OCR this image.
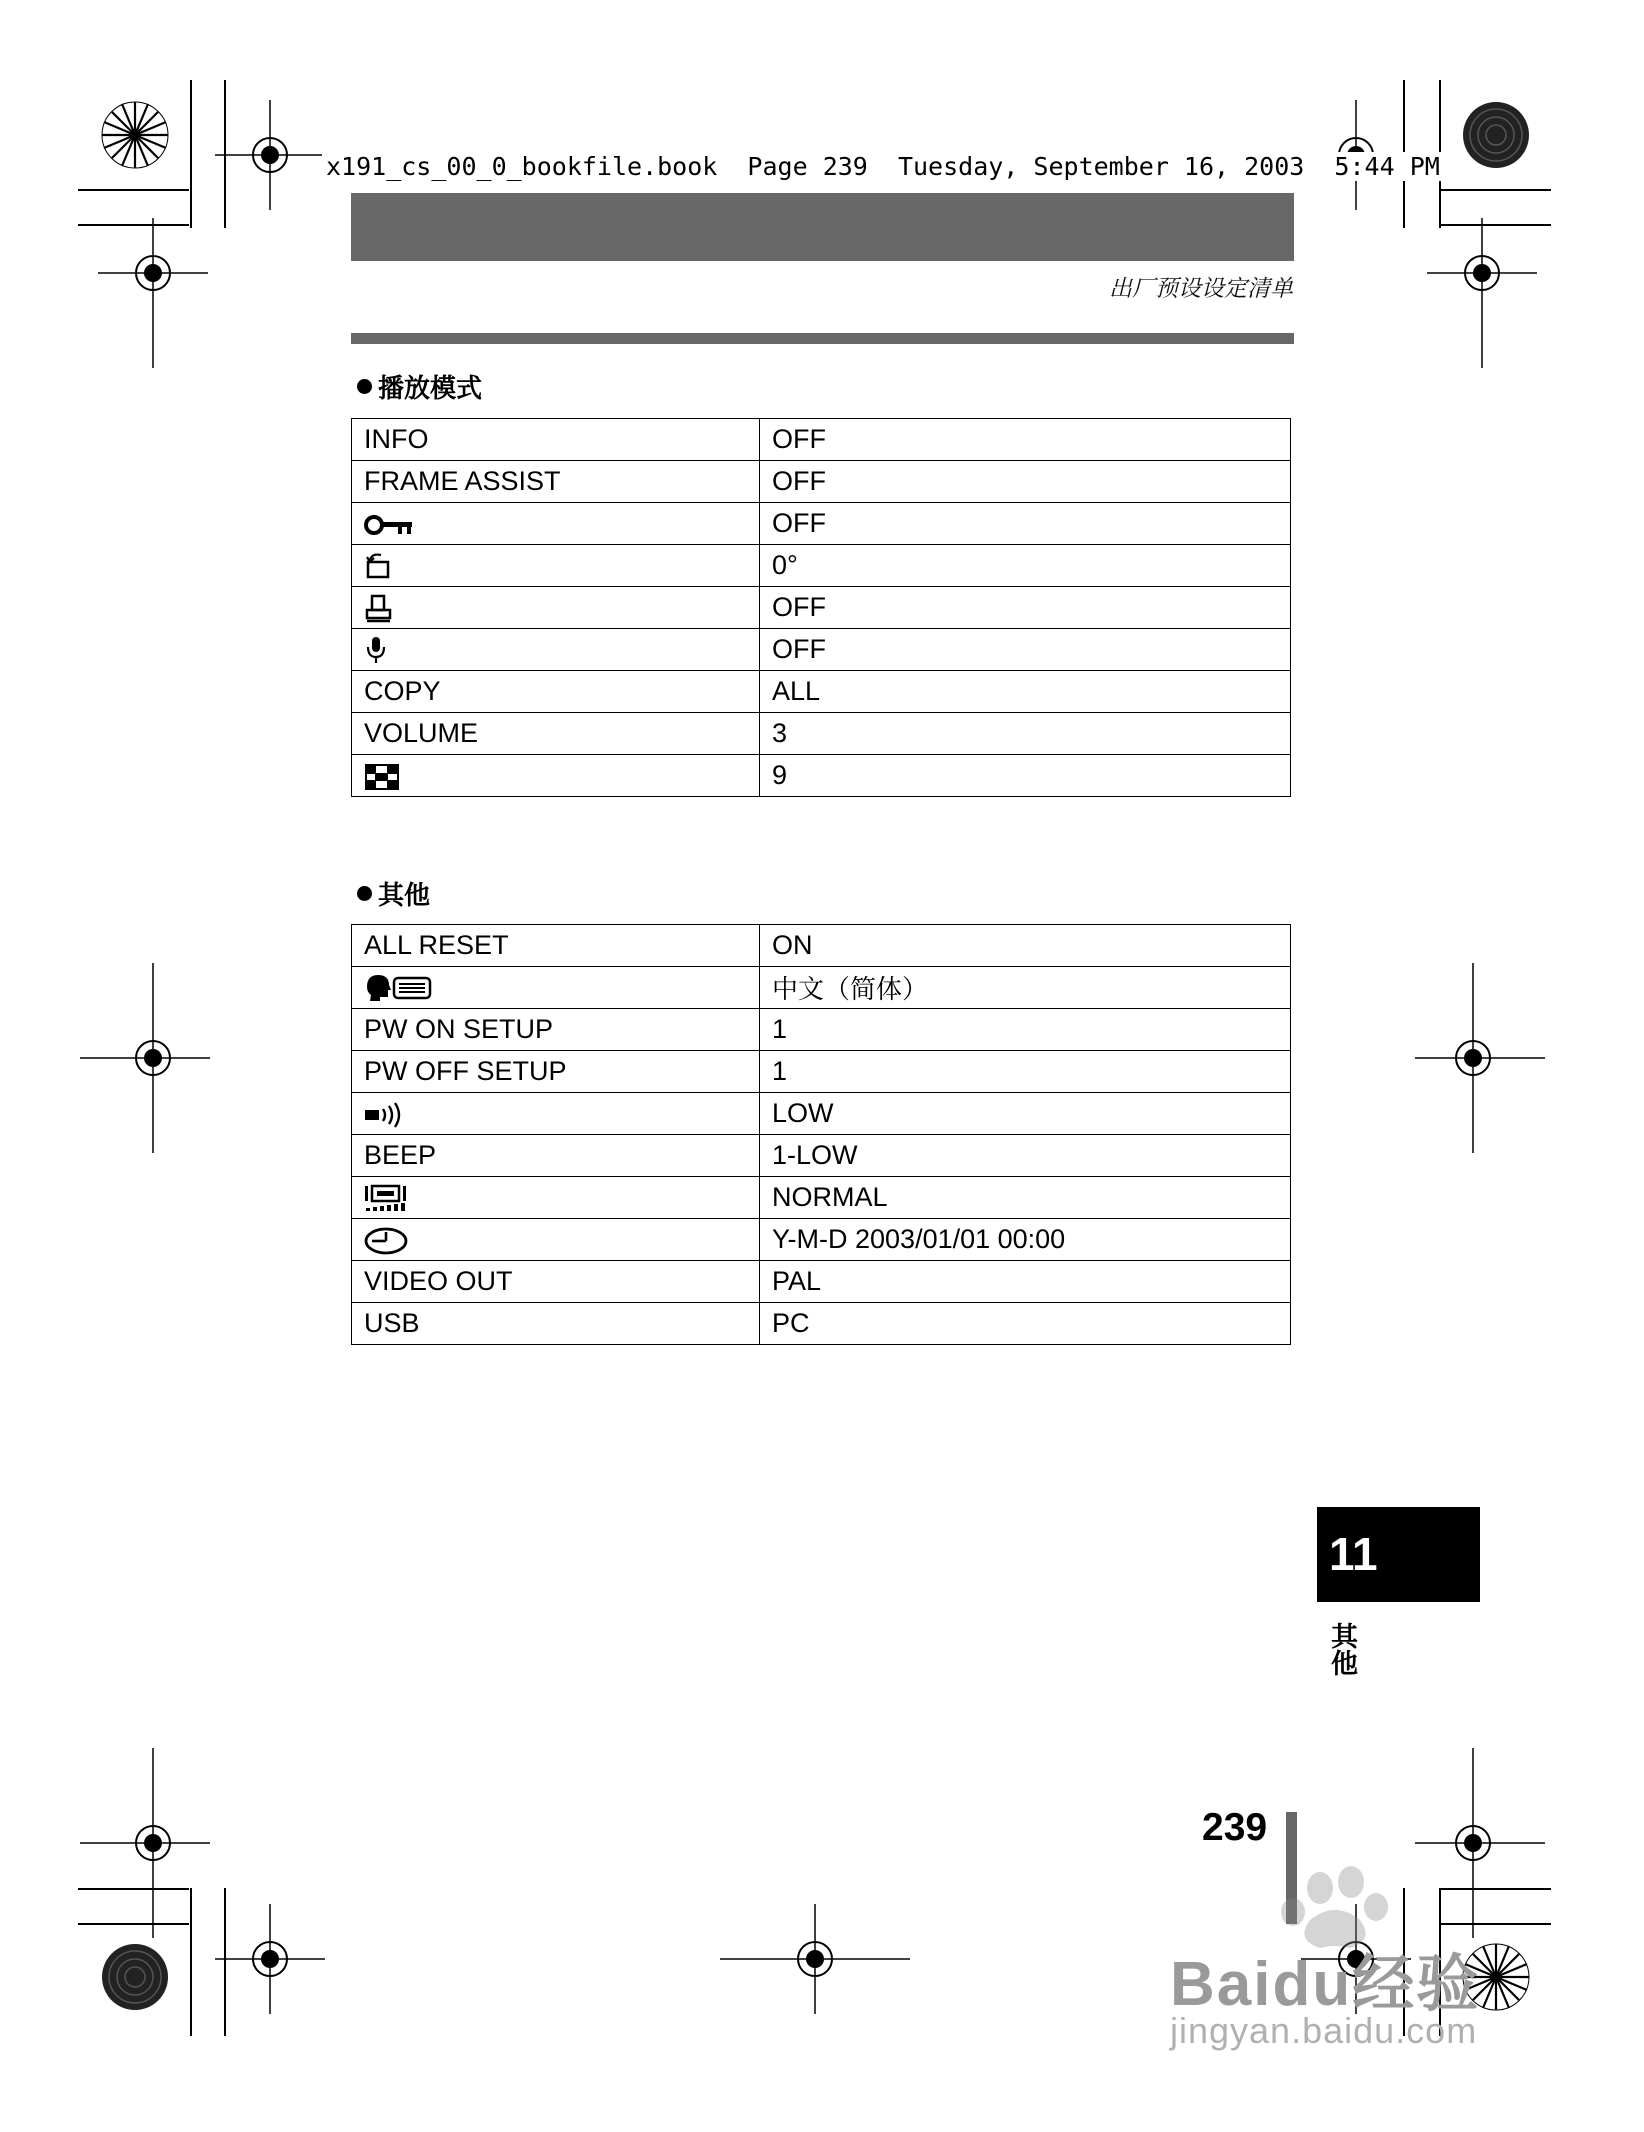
x191_cs_00_0_bookfile.book  Page 239  Tuesday, September 16, 2003  5:44 PM
出厂预设设定清单
播放模式
INFO	OFF
FRAME ASSIST	OFF
	OFF
	0°
	OFF
	OFF
COPY	ALL
VOLUME	3
	9
其他
ALL RESET	ON
	中文（简体）
PW ON SETUP	1
PW OFF SETUP	1
	LOW
BEEP	1-LOW
	NORMAL
	Y-M-D 2003/01/01 00:00
VIDEO OUT	PAL
USB	PC
11
其他
239
Baidu经验
jingyan.baidu.com
